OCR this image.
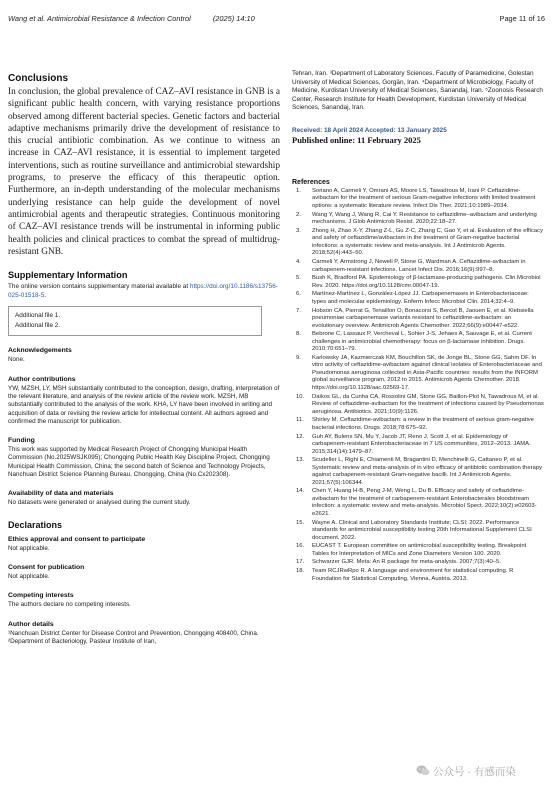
Wang et al. Antimicrobial Resistance & Infection Control	(2025) 14:10	Page 11 of 16
Conclusions

In conclusion, the global prevalence of CAZ–AVI resistance in GNB is a significant public health concern, with varying resistance proportions observed among different bacterial species. Genetic factors and bacterial adaptive mechanisms primarily drive the development of resistance to this crucial antibiotic combination. As we continue to witness an increase in CAZ–AVI resistance, it is essential to implement targeted interventions, such as routine surveillance and antimicrobial stewardship programs, to preserve the efficacy of this therapeutic option. Furthermore, an in-depth understanding of the molecular mechanisms underlying resistance can help guide the development of novel antimicrobial agents and therapeutic strategies. Continuous monitoring of CAZ–AVI resistance trends will be instrumental in informing public health policies and clinical practices to combat the spread of multidrug-resistant GNB.

Supplementary Information

The online version contains supplementary material available at https://doi.org/10.1186/s13756-025-01518-5.

Additional file 1.
Additional file 2.
Acknowledgements

None.

Author contributions

YW, MZSH, LY, MSH substantially contributed to the conception, design, drafting, interpretation of the relevant literature, and analysis of the review article of the review work. MZSH, MB substantially contributed to the analysis of the work. KHA, LY have been involved in writing and acquisition of data or revising the review article for intellectual content. All authors agreed and confirmed the manuscript for publication.

Funding

This work was supported by Medical Research Project of Chongqing Municipal Health Commission (No.2025WSJK095); Chongqing Public Health Key Discipline Project, Chongqing Municipal Health Commission, China; the second batch of Science and Technology Projects, Nanchuan District Science Planning Bureau, Chongqing, China (No.Cx202308).

Availability of data and materials

No datasets were generated or analysed during the current study.

Declarations
Ethics approval and consent to participate

Not applicable.

Consent for publication

Not applicable.

Competing interests

The authors declare no competing interests.

Author details

¹Nanchuan District Center for Disease Control and Prevention, Chongqing 408400, China. ²Department of Bacteriology, Pasteur Institute of Iran,

Tehran, Iran. ³Department of Laboratory Sciences, Faculty of Paramedicine, Golestan University of Medical Sciences, Gorgān, Iran. ⁴Department of Microbiology, Faculty of Medicine, Kurdistan University of Medical Sciences, Sanandaj, Iran. ⁵Zoonosis Research Center, Research Institute for Health Development, Kurdistan University of Medical Sciences, Sanandaj, Iran.

Received: 18 April 2024 Accepted: 13 January 2025
Published online: 11 February 2025
References
1. Soriano A, Carmeli Y, Omrani AS, Moore LS, Tawadrous M, Irani P. Ceftazidime-avibactam for the treatment of serious Gram-negative infections with limited treatment options: a systematic literature review. Infect Dis Ther. 2021;10:1989–2034.
2. Wang Y, Wang J, Wang R, Cai Y. Resistance to ceftazidime–avibactam and underlying mechanisms. J Glob Antimicrob Resist. 2020;22:18–27.
3. Zhong H, Zhao X-Y, Zhang Z-L, Gu Z-C, Zhang C, Gao Y, et al. Evaluation of the efficacy and safety of ceftazidime/avibactam in the treatment of Gram-negative bacterial infections: a systematic review and meta-analysis. Int J Antimicrob Agents. 2018;52(4):443–50.
4. Carmeli Y, Armstrong J, Newell P, Stone G, Wardman A. Ceftazidime-avibactam in carbapenem-resistant infections. Lancet Infect Dis. 2016;16(9):997–8.
5. Bush K, Bradford PA. Epidemiology of β-lactamase-producing pathogens. Clin Microbiol Rev. 2020. https://doi.org/10.1128/cmr.00047-19.
6. Martínez-Martínez L, González-López JJ. Carbapenemases in Enterobacteriaceae: types and molecular epidemiology. Enferm Infecc Microbiol Clin. 2014;32:4–9.
7. Hobson CA, Pierrat G, Tenaillon O, Bonacorsi S, Bercot B, Jaouen E, et al. Klebsiella pneumoniae carbapenemase variants resistant to ceftazidime-avibactam: an evolutionary overview. Antimicrob Agents Chemother. 2022;66(9):e00447-e522.
8. Bebrone C, Lassaux P, Vercheval L, Sohier J-S, Jehaes A, Sauvage E, et al. Current challenges in antimicrobial chemotherapy: focus on β-lactamase inhibition. Drugs. 2010;70:651–79.
9. Karlowsky JA, Kazmierczak KM, Bouchillon SK, de Jonge BL, Stone GG, Sahm DF. In vitro activity of ceftazidime-avibactam against clinical isolates of Enterobacteriaceae and Pseudomonas aeruginosa collected in Asia-Pacific countries: results from the INFORM global surveillance program, 2012 to 2015. Antimicrob Agents Chemother. 2018. https://doi.org/10.1128/aac.02569-17.
10. Daikos GL, da Cunha CA, Rossolini GM, Stone GG, Baillon-Plot N, Tawadrous M, et al. Review of ceftazidime-avibactam for the treatment of infections caused by Pseudomonas aeruginosa. Antibiotics. 2021;10(9):1126.
11. Shirley M. Ceftazidime-avibactam: a review in the treatment of serious gram-negative bacterial infections. Drugs. 2018;78:675–92.
12. Guh AY, Bulens SN, Mu Y, Jacob JT, Reno J, Scott J, et al. Epidemiology of carbapenem-resistant Enterobacteriaceae in 7 US communities, 2012–2013. JAMA. 2015;314(14):1479–87.
13. Scudeller L, Righi E, Chiamenti M, Bragantini D, Menchinelli G, Cattaneo P, et al. Systematic review and meta-analysis of in vitro efficacy of antibiotic combination therapy against carbapenem-resistant Gram-negative bacilli. Int J Antimicrob Agents. 2021;57(5):106344.
14. Chen Y, Huang H-B, Peng J-M, Weng L, Du B. Efficacy and safety of ceftazidime-avibactam for the treatment of carbapenem-resistant Enterobacterales bloodstream infection: a systematic review and meta-analysis. Microbiol Spect. 2022;10(2):e02603-e2621.
15. Wayne A. Clinical and Laboratory Standards Institute; CLSI; 2022. Performance standards for antimicrobial susceptibility testing 20th Informational Supplement CLSI document. 2022.
16. EUCAST T. European committee on antimicrobial susceptibility testing. Breakpoint Tables for Interpretation of MICs and Zone Diameters Version 100. 2020.
17. Schwarzer GJR. Meta: An R package for meta-analysis. 2007;7(3):40–5.
18. Team RCJRwRpo R. A language and environment for statistical computing. R Foundation for Statistical Computing, Vienna, Austria. 2013.
公众号 · 有感而染
